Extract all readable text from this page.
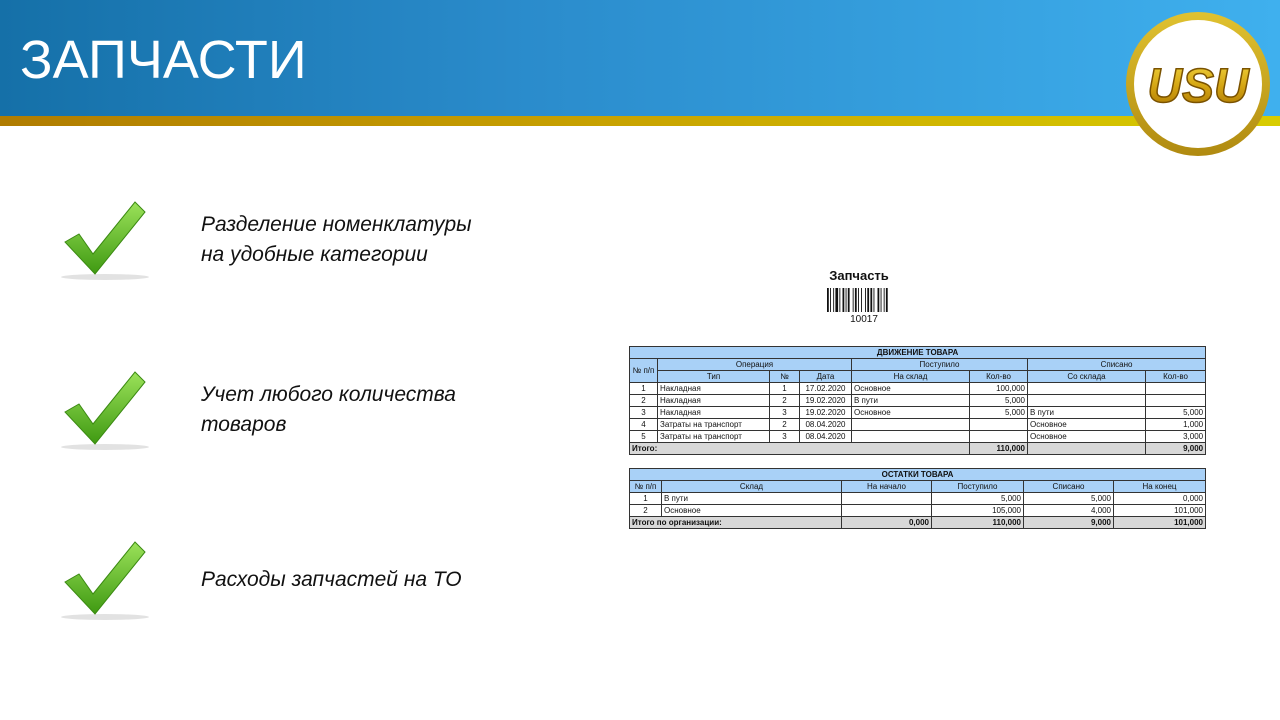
ЗАПЧАСТИ	USU
Разделение номенклатуры
на удобные категории
Учет любого количества
товаров
Расходы запчастей на ТО
Запчасть
10017
ДВИЖЕНИЕ ТОВАРА							
№ п/п	Операция			Поступило		Списано	
	Тип	№	Дата	На склад	Кол-во	Со склада	Кол-во
1	Накладная	1	17.02.2020	Основное	100,000		
2	Накладная	2	19.02.2020	В пути	5,000		
3	Накладная	3	19.02.2020	Основное	5,000	В пути	5,000
4	Затраты на транспорт	2	08.04.2020			Основное	1,000
5	Затраты на транспорт	3	08.04.2020			Основное	3,000
Итого:					110,000		9,000
ОСТАТКИ ТОВАРА					
№ п/п	Склад	На начало	Поступило	Списано	На конец
1	В пути		5,000	5,000	0,000
2	Основное		105,000	4,000	101,000
Итого по организации:		0,000	110,000	9,000	101,000
